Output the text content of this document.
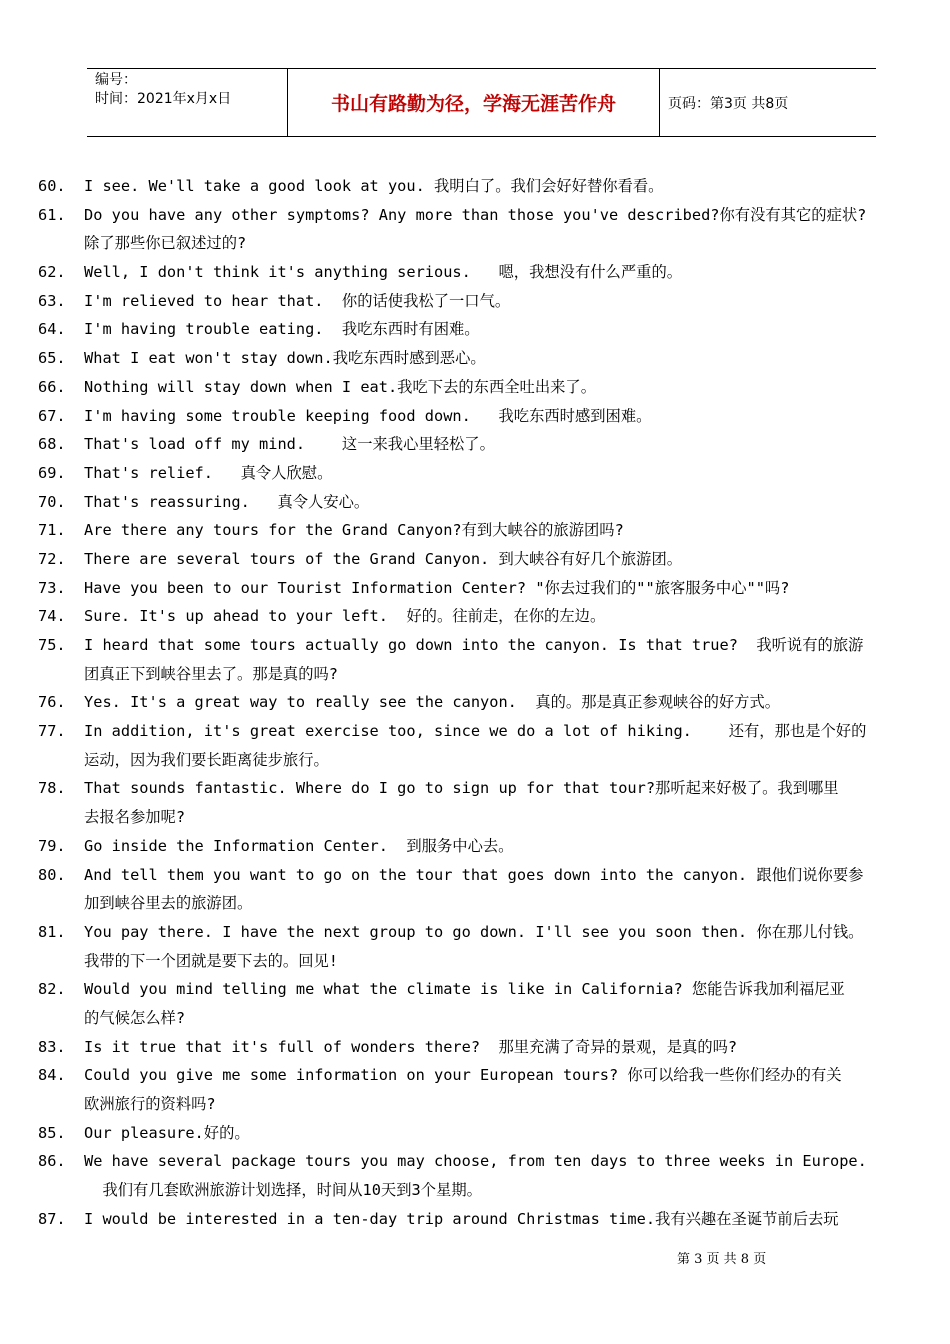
编号：
时间：2021年x月x日	书山有路勤为径，学海无涯苦作舟	页码：第3页 共8页
60.  I see. We'll take a good look at you. 我明白了。我们会好好替你看看。
61.  Do you have any other symptoms? Any more than those you've described?你有没有其它的症状?
除了那些你已叙述过的?
62.  Well, I don't think it's anything serious.   嗯，我想没有什么严重的。
63.  I'm relieved to hear that.  你的话使我松了一口气。
64.  I'm having trouble eating.  我吃东西时有困难。
65.  What I eat won't stay down.我吃东西时感到恶心。
66.  Nothing will stay down when I eat.我吃下去的东西全吐出来了。
67.  I'm having some trouble keeping food down.   我吃东西时感到困难。
68.  That's load off my mind.    这一来我心里轻松了。
69.  That's relief.   真令人欣慰。
70.  That's reassuring.   真令人安心。
71.  Are there any tours for the Grand Canyon?有到大峡谷的旅游团吗?
72.  There are several tours of the Grand Canyon. 到大峡谷有好几个旅游团。
73.  Have you been to our Tourist Information Center? "你去过我们的""旅客服务中心""吗?
74.  Sure. It's up ahead to your left.  好的。往前走，在你的左边。
75.  I heard that some tours actually go down into the canyon. Is that true?  我听说有的旅游
团真正下到峡谷里去了。那是真的吗?
76.  Yes. It's a great way to really see the canyon.  真的。那是真正参观峡谷的好方式。
77.  In addition, it's great exercise too, since we do a lot of hiking.    还有，那也是个好的
运动，因为我们要长距离徒步旅行。
78.  That sounds fantastic. Where do I go to sign up for that tour?那听起来好极了。我到哪里
去报名参加呢?
79.  Go inside the Information Center.  到服务中心去。
80.  And tell them you want to go on the tour that goes down into the canyon. 跟他们说你要参
加到峡谷里去的旅游团。
81.  You pay there. I have the next group to go down. I'll see you soon then. 你在那儿付钱。
我带的下一个团就是要下去的。回见!
82.  Would you mind telling me what the climate is like in California? 您能告诉我加利福尼亚
的气候怎么样?
83.  Is it true that it's full of wonders there?  那里充满了奇异的景观，是真的吗?
84.  Could you give me some information on your European tours? 你可以给我一些你们经办的有关
欧洲旅行的资料吗?
85.  Our pleasure.好的。
86.  We have several package tours you may choose, from ten days to three weeks in Europe.
我们有几套欧洲旅游计划选择，时间从10天到3个星期。
87.  I would be interested in a ten-day trip around Christmas time.我有兴趣在圣诞节前后去玩
第 3 页 共 8 页
